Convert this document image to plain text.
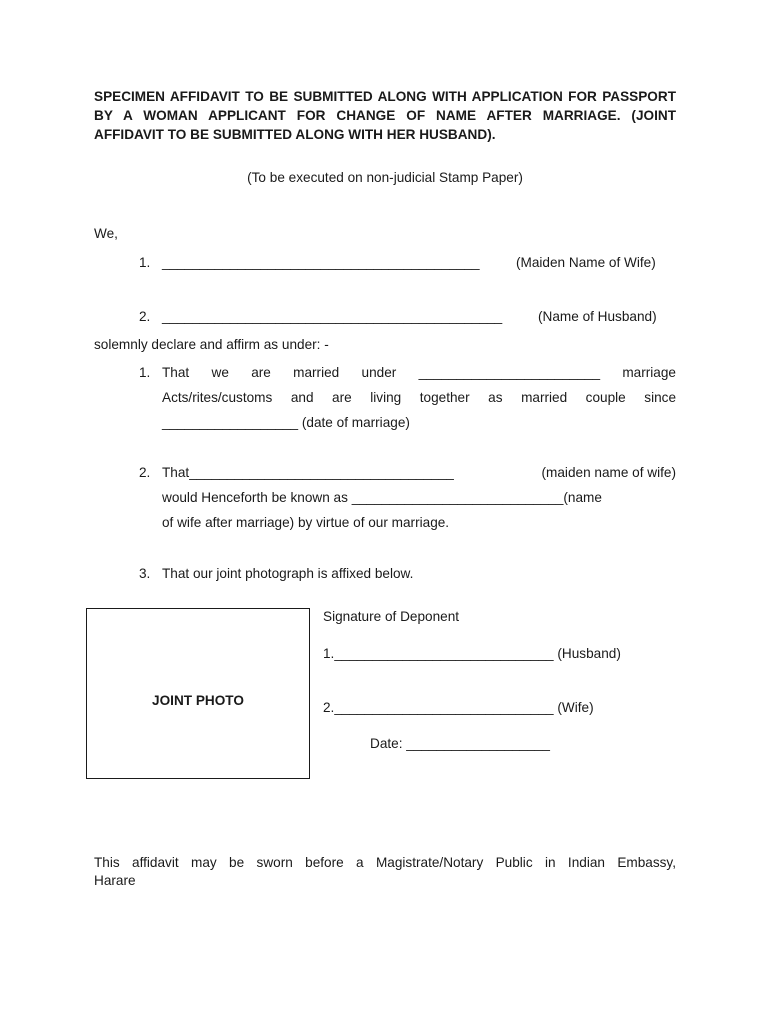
SPECIMEN AFFIDAVIT TO BE SUBMITTED ALONG WITH APPLICATION FOR PASSPORT BY A WOMAN APPLICANT FOR CHANGE OF NAME AFTER MARRIAGE. (JOINT AFFIDAVIT TO BE SUBMITTED ALONG WITH HER HUSBAND).
(To be executed on non-judicial Stamp Paper)
We,
1. __________________________________________	(Maiden Name of Wife)
2. _____________________________________________	(Name of Husband)
solemnly declare and affirm as under: -
1. That we are married under ________________________ marriage
Acts/rites/customs and are living together as married couple since
__________________ (date of marriage)
2. That___________________________________	(maiden name of wife)
would Henceforth be known as ____________________________(name
of wife after marriage) by virtue of our marriage.
3. That our joint photograph is affixed below.
JOINT PHOTO
Signature of Deponent
1._____________________________ (Husband)
2._____________________________ (Wife)
Date: ___________________
This affidavit may be sworn before a Magistrate/Notary Public in Indian Embassy,
Harare
